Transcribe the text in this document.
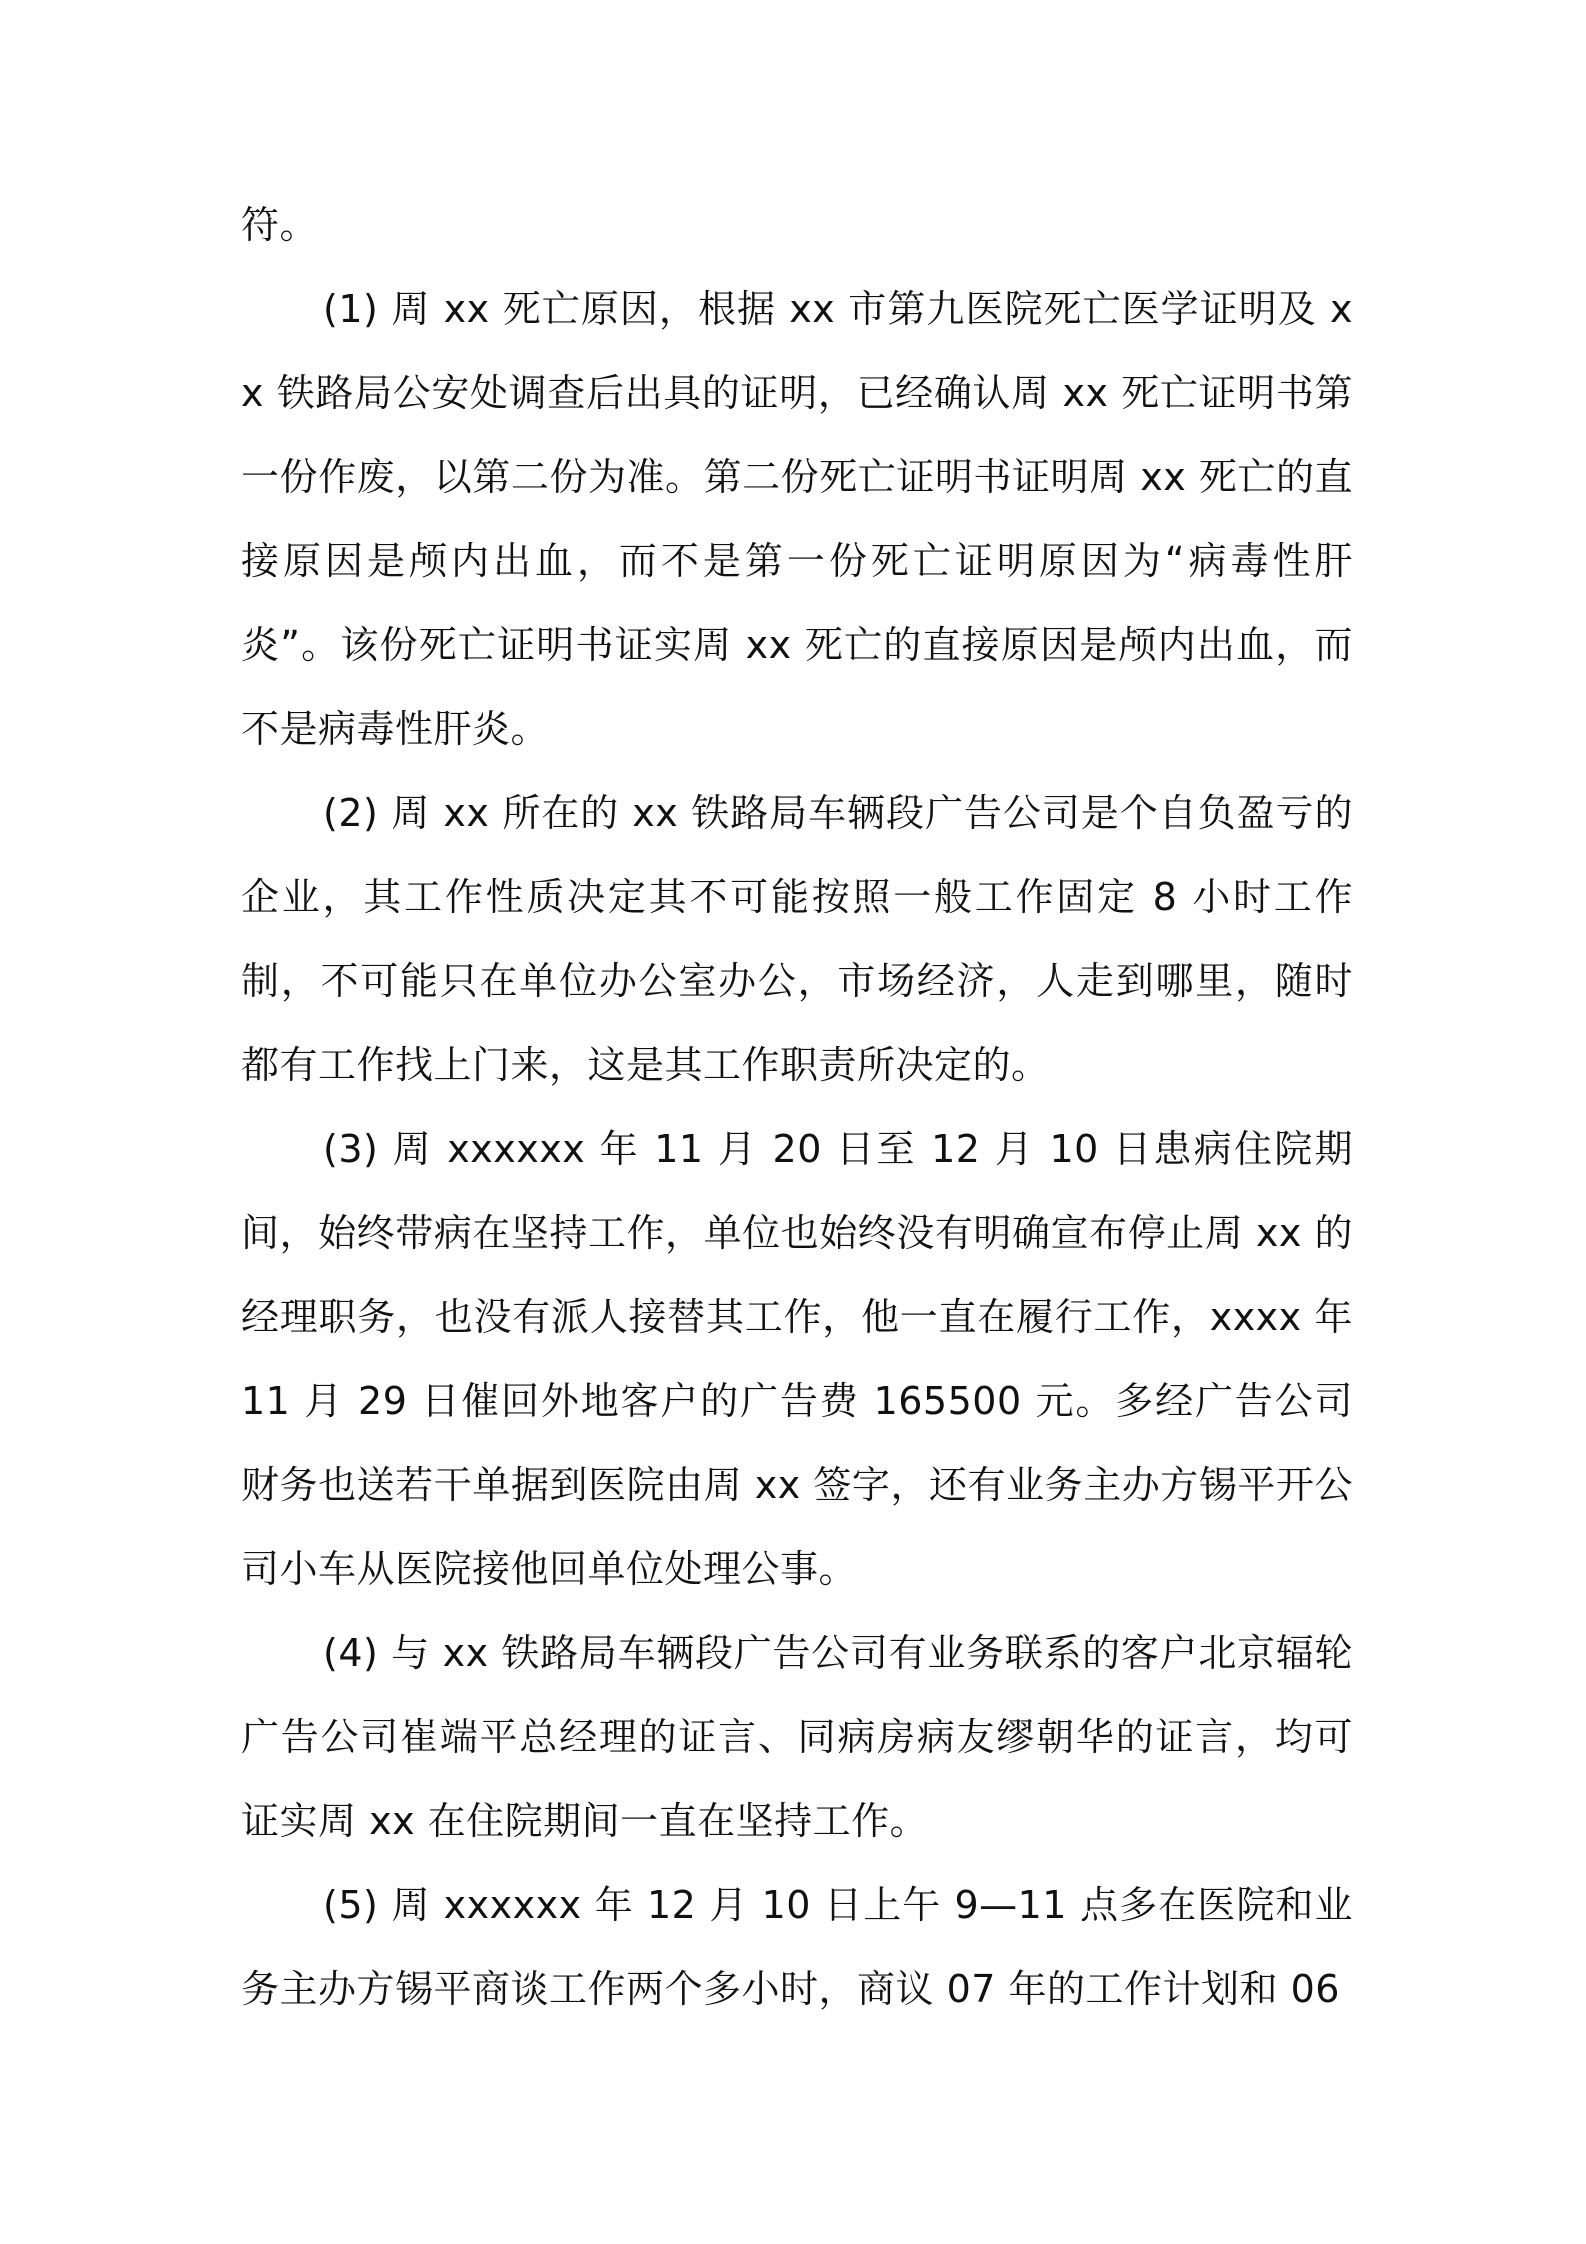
符。

(1) 周 xx 死亡原因，根据 xx 市第九医院死亡医学证明及 xx 铁路局公安处调查后出具的证明，已经确认周 xx 死亡证明书第一份作废，以第二份为准。第二份死亡证明书证明周 xx 死亡的直接原因是颅内出血，而不是第一份死亡证明原因为“病毒性肝炎”。该份死亡证明书证实周 xx 死亡的直接原因是颅内出血，而不是病毒性肝炎。

(2) 周 xx 所在的 xx 铁路局车辆段广告公司是个自负盈亏的企业，其工作性质决定其不可能按照一般工作固定 8 小时工作制，不可能只在单位办公室办公，市场经济，人走到哪里，随时都有工作找上门来，这是其工作职责所决定的。

(3) 周 xxxxxx 年 11 月 20 日至 12 月 10 日患病住院期间，始终带病在坚持工作，单位也始终没有明确宣布停止周 xx 的经理职务，也没有派人接替其工作，他一直在履行工作，xxxx 年 11 月 29 日催回外地客户的广告费 165500 元。多经广告公司财务也送若干单据到医院由周 xx 签字，还有业务主办方锡平开公司小车从医院接他回单位处理公事。

(4) 与 xx 铁路局车辆段广告公司有业务联系的客户北京辐轮广告公司崔端平总经理的证言、同病房病友缪朝华的证言，均可证实周 xx 在住院期间一直在坚持工作。

(5) 周 xxxxxx 年 12 月 10 日上午 9—11 点多在医院和业务主办方锡平商谈工作两个多小时，商议 07 年的工作计划和 06
